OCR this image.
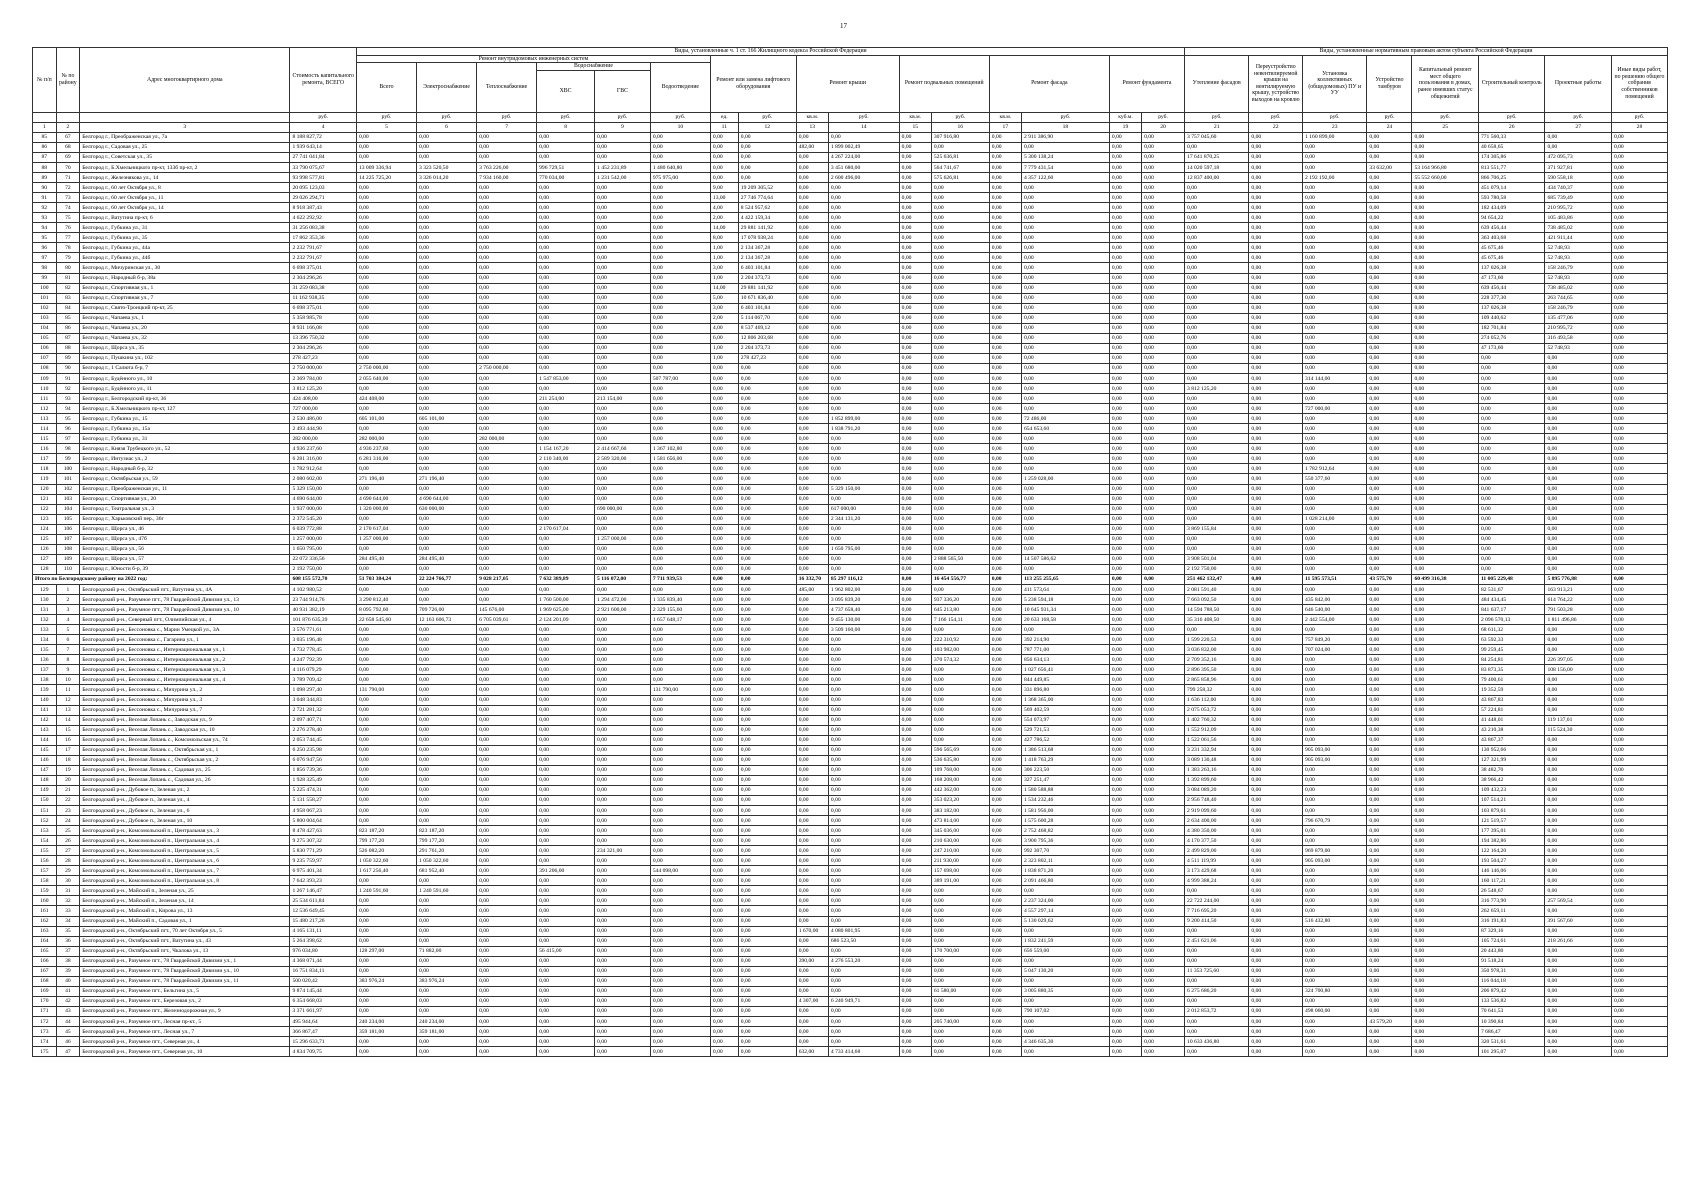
17
№ п/п	№ по району	Адрес многоквартирного дома	Стоимость капитального ремонта, ВСЕГО	Виды, установленные ч. 1 ст. 166 Жилищного кодекса Российской Федерации																Виды, установленные нормативным правовым актом субъекта Российской Федерации							
				Ремонт внутридомовых инженерных систем						Ремонт или замена лифтового оборудования		Ремонт крыши		Ремонт подвальных помещений		Ремонт фасада		Ремонт фундамента		Утепление фасадов	Переустройство невентилируемой крыши на вентилируемую крышу, устройство выходов на кровлю	Установка коллективных (общедомовых) ПУ и УУ	Устройство тамбуров	Капитальный ремонт мест общего пользования в домах, ранее имевших статус общежитий	Строительный контроль	Проектные работы	Иные виды работ, по решению общего собрания собственников помещений
				Всего	Электроснабжение	Теплоснабжение	Водоснабжение		Водоотведение																		
							ХВС	ГВС																			
			руб.	руб.	руб.	руб.	руб.	руб.	руб.	ед.	руб.	кв.м.	руб.	кв.м.	руб.	кв.м.	руб.	куб.м.	руб.	руб.	руб.	руб.	руб.	руб.	руб.	руб.	руб.
1	2	3	4	5	6	7	8	9	10	11	12	13	14	15	16	17	18	19	20	21	22	23	24	25	26	27	28
85	67	Белгород г., Преображенская ул., 7а	8 188 827,72	0,00	0,00	0,00	0,00	0,00	0,00	0,00	0,00	0,00	0,00	0,00	307 916,80	0,00	2 911 386,90	0,00	0,00	3 757 045,60	0,00	1 160 899,00	0,00	0,00	771 560,33	0,00	0,00
86	68	Белгород г., Садовая ул., 25	1 939 643,14	0,00	0,00	0,00	0,00	0,00	0,00	0,00	0,00	482,00	1 899 002,49	0,00	0,00	0,00	0,00	0,00	0,00	0,00	0,00	0,00	0,00	0,00	40 658,65	0,00	0,00
87	69	Белгород г., Советская ул., 35	27 741 041,84	0,00	0,00	0,00	0,00	0,00	0,00	0,00	0,00	0,00	4 267 224,00	0,00	525 636,81	0,00	5 300 138,24	0,00	0,00	17 641 870,25	0,00	0,00	0,00	0,00	174 305,86	472 095,73	0,00
88	70	Белгород г., Б.Хмельницкого пр-кт, 133б пр-кт, 2	33 790 075,67	13 009 336,94	3 323 520,50	3 763 226,00	996 729,51	1 452 231,89	1 480 640,80	0,00	0,00	0,00	3 451 680,00	0,00	564 741,67	0,00	7 779 431,54	0,00	0,00	14 020 597,18	0,00	0,00	33 632,00	53 164 966,80	813 551,77	371 927,81	0,00
89	71	Белгород г., Железнякова ул., 14	93 998 577,81	14 225 725,20	3 326 014,20	7 934 160,00	770 034,00	1 231 542,00	975 975,00	0,00	0,00	0,00	2 600 496,00	0,00	575 626,81	0,00	4 357 122,60	0,00	0,00	12 837 400,00	0,00	2 192 192,00	0,00	55 552 660,00	866 706,25	590 558,18	0,00
90	72	Белгород г., 60 лет Октября ул., 8	20 095 123,03	0,00	0,00	0,00	0,00	0,00	0,00	9,00	19 209 305,52	0,00	0,00	0,00	0,00	0,00	0,00	0,00	0,00	0,00	0,00	0,00	0,00	0,00	451 079,14	434 740,37	0,00
91	73	Белгород г., 60 лет Октября ул., 11	29 026 294,71	0,00	0,00	0,00	0,00	0,00	0,00	13,00	27 746 774,64	0,00	0,00	0,00	0,00	0,00	0,00	0,00	0,00	0,00	0,00	0,00	0,00	0,00	593 780,58	685 739,49	0,00
92	74	Белгород г., 60 лет Октября ул., 14	8 918 387,43	0,00	0,00	0,00	0,00	0,00	0,00	4,00	8 524 957,62	0,00	0,00	0,00	0,00	0,00	0,00	0,00	0,00	0,00	0,00	0,00	0,00	0,00	182 434,09	210 995,72	0,00
93	75	Белгород г., Ватутина пр-кт, 6	4 622 292,92	0,00	0,00	0,00	0,00	0,00	0,00	2,00	4 422 159,34	0,00	0,00	0,00	0,00	0,00	0,00	0,00	0,00	0,00	0,00	0,00	0,00	0,00	94 654,22	105 483,86	0,00
94	76	Белгород г., Губкина ул., 31	31 256 083,38	0,00	0,00	0,00	0,00	0,00	0,00	14,00	29 881 141,92	0,00	0,00	0,00	0,00	0,00	0,00	0,00	0,00	0,00	0,00	0,00	0,00	0,00	639 456,44	738 485,02	0,00
95	77	Белгород г., Губкина ул., 35	17 862 353,36	0,00	0,00	0,00	0,00	0,00	0,00	8,00	17 078 938,24	0,00	0,00	0,00	0,00	0,00	0,00	0,00	0,00	0,00	0,00	0,00	0,00	0,00	363 403,68	421 911,44	0,00
96	78	Белгород г., Губкина ул., 44а	2 232 791,67	0,00	0,00	0,00	0,00	0,00	0,00	1,00	2 134 367,28	0,00	0,00	0,00	0,00	0,00	0,00	0,00	0,00	0,00	0,00	0,00	0,00	0,00	45 675,46	52 748,93	0,00
97	79	Белгород г., Губкина ул., 44б	2 232 791,67	0,00	0,00	0,00	0,00	0,00	0,00	1,00	2 134 367,28	0,00	0,00	0,00	0,00	0,00	0,00	0,00	0,00	0,00	0,00	0,00	0,00	0,00	45 675,46	52 748,93	0,00
98	80	Белгород г., Мичуринская ул., 30	6 698 375,01	0,00	0,00	0,00	0,00	0,00	0,00	3,00	6 403 101,84	0,00	0,00	0,00	0,00	0,00	0,00	0,00	0,00	0,00	0,00	0,00	0,00	0,00	137 026,38	158 246,79	0,00
99	81	Белгород г., Народный б-р, 38а	2 304 296,26	0,00	0,00	0,00	0,00	0,00	0,00	1,00	2 204 373,73	0,00	0,00	0,00	0,00	0,00	0,00	0,00	0,00	0,00	0,00	0,00	0,00	0,00	47 173,60	52 748,93	0,00
100	82	Белгород г., Спортивная ул., 1	31 259 083,38	0,00	0,00	0,00	0,00	0,00	0,00	14,00	29 881 141,92	0,00	0,00	0,00	0,00	0,00	0,00	0,00	0,00	0,00	0,00	0,00	0,00	0,00	639 456,44	738 485,02	0,00
101	83	Белгород г., Спортивная ул., 7	11 162 938,35	0,00	0,00	0,00	0,00	0,00	0,00	5,00	10 671 836,40	0,00	0,00	0,00	0,00	0,00	0,00	0,00	0,00	0,00	0,00	0,00	0,00	0,00	228 377,30	263 744,65	0,00
102	84	Белгород г., Свято-Троицкий пр-кт, 25	6 698 375,01	0,00	0,00	0,00	0,00	0,00	0,00	3,00	6 403 101,84	0,00	0,00	0,00	0,00	0,00	0,00	0,00	0,00	0,00	0,00	0,00	0,00	0,00	137 026,38	158 246,79	0,00
103	85	Белгород г., Чапаева ул., 1	5 358 985,78	0,00	0,00	0,00	0,00	0,00	0,00	2,00	5 114 067,70	0,00	0,00	0,00	0,00	0,00	0,00	0,00	0,00	0,00	0,00	0,00	0,00	0,00	109 440,62	135 477,06	0,00
104	86	Белгород г., Чапаева ул., 20	8 931 166,08	0,00	0,00	0,00	0,00	0,00	0,00	4,00	8 537 469,12	0,00	0,00	0,00	0,00	0,00	0,00	0,00	0,00	0,00	0,00	0,00	0,00	0,00	182 701,84	210 995,72	0,00
105	87	Белгород г., Чапаева ул., 32	13 396 750,32	0,00	0,00	0,00	0,00	0,00	0,00	6,00	12 806 203,68	0,00	0,00	0,00	0,00	0,00	0,00	0,00	0,00	0,00	0,00	0,00	0,00	0,00	274 052,76	316 493,58	0,00
106	88	Белгород г., Щорса ул., 35	2 304 296,26	0,00	0,00	0,00	0,00	0,00	0,00	1,00	2 204 373,73	0,00	0,00	0,00	0,00	0,00	0,00	0,00	0,00	0,00	0,00	0,00	0,00	0,00	47 173,60	52 748,93	0,00
107	89	Белгород г., Пушкина ул., 102	278 427,23	0,00	0,00	0,00	0,00	0,00	0,00	1,00	278 427,23	0,00	0,00	0,00	0,00	0,00	0,00	0,00	0,00	0,00	0,00	0,00	0,00	0,00	0,00	0,00	0,00
108	90	Белгород г., 1 Салюта б-р, 7	2 750 000,00	2 750 000,00	0,00	2 750 000,00	0,00	0,00	0,00	0,00	0,00	0,00	0,00	0,00	0,00	0,00	0,00	0,00	0,00	0,00	0,00	0,00	0,00	0,00	0,00	0,00	0,00
109	91	Белгород г., Будённого ул., 10	2 369 784,00	2 055 640,00	0,00	0,00	1 547 853,00	0,00	507 787,00	0,00	0,00	0,00	0,00	0,00	0,00	0,00	0,00	0,00	0,00	0,00	0,00	314 144,00	0,00	0,00	0,00	0,00	0,00
110	92	Белгород г., Будённого ул., 11	3 812 125,20	0,00	0,00	0,00	0,00	0,00	0,00	0,00	0,00	0,00	0,00	0,00	0,00	0,00	0,00	0,00	0,00	3 812 125,20	0,00	0,00	0,00	0,00	0,00	0,00	0,00
111	93	Белгород г., Белгородский пр-кт, 36	424 408,00	424 408,00	0,00	0,00	211 254,00	213 154,00	0,00	0,00	0,00	0,00	0,00	0,00	0,00	0,00	0,00	0,00	0,00	0,00	0,00	0,00	0,00	0,00	0,00	0,00	0,00
112	94	Белгород г., Б.Хмельницкого пр-кт, 127	727 000,00	0,00	0,00	0,00	0,00	0,00	0,00	0,00	0,00	0,00	0,00	0,00	0,00	0,00	0,00	0,00	0,00	0,00	0,00	727 000,00	0,00	0,00	0,00	0,00	0,00
113	95	Белгород г., Губкина ул., 15	2 530 486,00	605 101,00	605 101,00	0,00	0,00	0,00	0,00	0,00	0,00	0,00	1 852 899,00	0,00	0,00	0,00	72 486,00	0,00	0,00	0,00	0,00	0,00	0,00	0,00	0,00	0,00	0,00
114	96	Белгород г., Губкина ул., 15а	2 493 444,90	0,00	0,00	0,00	0,00	0,00	0,00	0,00	0,00	0,00	1 838 791,20	0,00	0,00	0,00	654 653,60	0,00	0,00	0,00	0,00	0,00	0,00	0,00	0,00	0,00	0,00
115	97	Белгород г., Губкина ул., 31	282 000,00	282 000,00	0,00	282 000,00	0,00	0,00	0,00	0,00	0,00	0,00	0,00	0,00	0,00	0,00	0,00	0,00	0,00	0,00	0,00	0,00	0,00	0,00	0,00	0,00	0,00
116	98	Белгород г., Князя Трубецкого ул., 52	4 936 237,60	4 936 237,60	0,00	0,00	1 154 167,20	2 414 667,60	1 367 102,80	0,00	0,00	0,00	0,00	0,00	0,00	0,00	0,00	0,00	0,00	0,00	0,00	0,00	0,00	0,00	0,00	0,00	0,00
117	99	Белгород г., Интузиас ул., 2	6 281 316,00	6 281 316,00	0,00	0,00	2 110 340,00	2 589 320,00	1 581 656,00	0,00	0,00	0,00	0,00	0,00	0,00	0,00	0,00	0,00	0,00	0,00	0,00	0,00	0,00	0,00	0,00	0,00	0,00
118	100	Белгород г., Народный б-р, 32	1 782 912,64	0,00	0,00	0,00	0,00	0,00	0,00	0,00	0,00	0,00	0,00	0,00	0,00	0,00	0,00	0,00	0,00	0,00	0,00	1 782 912,64	0,00	0,00	0,00	0,00	0,00
119	101	Белгород г., Октябрьская ул., 59	2 080 602,00	271 196,40	271 196,40	0,00	0,00	0,00	0,00	0,00	0,00	0,00	0,00	0,00	0,00	0,00	1 259 028,00	0,00	0,00	0,00	0,00	550 377,60	0,00	0,00	0,00	0,00	0,00
120	102	Белгород г., Преображенская ул., 11	5 329 150,00	0,00	0,00	0,00	0,00	0,00	0,00	0,00	0,00	0,00	5 329 150,00	0,00	0,00	0,00	0,00	0,00	0,00	0,00	0,00	0,00	0,00	0,00	0,00	0,00	0,00
121	103	Белгород г., Спортивная ул., 20	4 690 644,00	4 690 644,00	4 690 644,00	0,00	0,00	0,00	0,00	0,00	0,00	0,00	0,00	0,00	0,00	0,00	0,00	0,00	0,00	0,00	0,00	0,00	0,00	0,00	0,00	0,00	0,00
122	104	Белгород г., Театральная ул., 3	1 937 000,00	1 320 000,00	630 000,00	0,00	0,00	690 000,00	0,00	0,00	0,00	0,00	617 000,00	0,00	0,00	0,00	0,00	0,00	0,00	0,00	0,00	0,00	0,00	0,00	0,00	0,00	0,00
123	105	Белгород г., Харьковский пер., 36г	2 372 545,20	0,00	0,00	0,00	0,00	0,00	0,00	0,00	0,00	0,00	2 344 131,20	0,00	0,00	0,00	0,00	0,00	0,00	0,00	0,00	1 028 214,00	0,00	0,00	0,00	0,00	0,00
124	106	Белгород г., Щорса ул., 46	6 039 772,88	2 170 617,04	0,00	0,00	2 170 617,04	0,00	0,00	0,00	0,00	0,00	0,00	0,00	0,00	0,00	0,00	0,00	0,00	3 869 155,84	0,00	0,00	0,00	0,00	0,00	0,00	0,00
125	107	Белгород г., Щорса ул., 47б	1 257 000,00	1 257 000,00	0,00	0,00	0,00	1 257 000,00	0,00	0,00	0,00	0,00	0,00	0,00	0,00	0,00	0,00	0,00	0,00	0,00	0,00	0,00	0,00	0,00	0,00	0,00	0,00
126	108	Белгород г., Щорса ул., 56	1 650 795,00	0,00	0,00	0,00	0,00	0,00	0,00	0,00	0,00	0,00	1 650 795,00	0,00	0,00	0,00	0,00	0,00	0,00	0,00	0,00	0,00	0,00	0,00	0,00	0,00	0,00
127	109	Белгород г., Щорса ул., 57	22 072 336,56	284 495,40	284 495,40	0,00	0,00	0,00	0,00	0,00	0,00	0,00	0,00	0,00	2 888 565,50	0,00	14 507 586,62	0,00	0,00	3 908 501,04	0,00	0,00	0,00	0,00	0,00	0,00	0,00
128	110	Белгород г., Юности б-р, 39	2 192 750,00	0,00	0,00	0,00	0,00	0,00	0,00	0,00	0,00	0,00	0,00	0,00	0,00	0,00	0,00	0,00	0,00	2 192 750,00	0,00	0,00	0,00	0,00	0,00	0,00	0,00
Итого по Белгородскому району на 2022 год:			608 155 572,70	51 703 384,24	22 224 766,77	9 028 217,05	7 632 389,89	5 116 072,00	7 711 939,53	0,00	0,00	16 332,70	85 297 116,12	0,00	16 454 556,77	0,00	113 255 255,65	0,00	0,00	251 462 132,47	0,00	11 595 573,51	43 575,70	60 499 316,38	11 005 229,48	5 895 776,88	0,00
129	1	Белгородский р-н., Октябрьский пгт., Ватутина ул., 4А	4 102 980,52	0,00	0,00	0,00	0,00	0,00	0,00	0,00	0,00	485,00	1 962 802,00	0,00	0,00	0,00	411 573,64	0,00	0,00	2 081 591,40	0,00	0,00	0,00	0,00	82 531,67	163 913,21	0,00
130	2	Белгородский р-н., Разумное пгт., 78 Гвардейской Дивизии ул., 13	23 744 914,76	3 290 812,40	0,00	0,00	1 760 500,00	1 294 472,00	1 335 839,40	0,00	0,00	0,00	3 095 839,20	0,00	937 336,20	0,00	5 238 594,18	0,00	0,00	7 663 092,50	0,00	435 842,00	0,00	0,00	484 434,45	614 764,22	0,00
131	3	Белгородский р-н., Разумное пгт., 78 Гвардейской Дивизии ул., 10	40 931 382,19	8 095 792,60	709 726,00	145 676,00	1 969 625,00	2 921 600,00	2 329 155,60	0,00	0,00	0,00	4 737 658,40	0,00	645 213,80	0,00	10 645 931,34	0,00	0,00	14 594 788,50	0,00	646 540,00	0,00	0,00	841 637,17	791 503,28	0,00
132	4	Белгородский р-н., Северный пгт., Олимпийская ул., 4	101 876 635,39	22 658 545,60	12 163 606,73	6 705 039,61	2 124 201,09	0,00	1 657 648,17	0,00	0,00	0,00	9 455 130,00	0,00	7 166 154,11	0,00	20 633 168,58	0,00	0,00	35 316 408,50	0,00	2 442 554,00	0,00	0,00	2 096 570,13	1 811 496,86	0,00
133	5	Белгородский р-н., Бессоновка с., Марии Умецкой ул., 3А	3 576 771,61	0,00	0,00	0,00	0,00	0,00	0,00	0,00	0,00	0,00	3 509 160,00	0,00	0,00	0,00	0,00	0,00	0,00	0,00	0,00	0,00	0,00	0,00	68 611,32	0,00	0,00
134	6	Белгородский р-н., Бессоновка с., Гагарина ул., 1	3 035 196,48	0,00	0,00	0,00	0,00	0,00	0,00	0,00	0,00	0,00	0,00	0,00	222 310,92	0,00	392 214,90	0,00	0,00	1 599 220,53	0,00	757 849,20	0,00	0,00	63 592,33	0,00	0,00
135	7	Белгородский р-н., Бессоновка с., Интернациональная ул., 1	4 732 778,45	0,00	0,00	0,00	0,00	0,00	0,00	0,00	0,00	0,00	0,00	0,00	103 982,00	0,00	787 771,00	0,00	0,00	3 036 832,00	0,00	707 024,00	0,00	0,00	99 259,45	0,00	0,00
136	8	Белгородский р-н., Бессоновка с., Интернациональная ул., 2	4 247 792,39	0,00	0,00	0,00	0,00	0,00	0,00	0,00	0,00	0,00	0,00	0,00	370 574,32	0,00	856 634,13	0,00	0,00	2 709 352,16	0,00	0,00	0,00	0,00	84 254,81	226 397,05	0,00
137	9	Белгородский р-н., Бессоновка с., Интернациональная ул., 3	4 116 079,29	0,00	0,00	0,00	0,00	0,00	0,00	0,00	0,00	0,00	0,00	0,00	0,00	0,00	1 027 656,41	0,00	0,00	2 896 395,50	0,00	0,00	0,00	0,00	83 873,35	108 156,00	0,00
138	10	Белгородский р-н., Бессоновка с., Интернациональная ул., 4	3 789 709,42	0,00	0,00	0,00	0,00	0,00	0,00	0,00	0,00	0,00	0,00	0,00	0,00	0,00	844 449,85	0,00	0,00	2 865 858,96	0,00	0,00	0,00	0,00	79 400,61	0,00	0,00
139	11	Белгородский р-н., Бессоновка с., Мичурина ул., 2	1 098 297,40	131 790,00	0,00	0,00	0,00	0,00	131 790,00	0,00	0,00	0,00	0,00	0,00	0,00	0,00	331 896,80	0,00	0,00	799 258,32	0,00	0,00	0,00	0,00	19 352,59	0,00	0,00
140	12	Белгородский р-н., Бессоновка с., Мичурина ул., 3	3 048 344,83	0,00	0,00	0,00	0,00	0,00	0,00	0,00	0,00	0,00	0,00	0,00	0,00	0,00	1 368 365,00	0,00	0,00	1 636 112,00	0,00	0,00	0,00	0,00	43 867,83	0,00	0,00
141	13	Белгородский р-н., Бессоновка с., Мичурина ул., 7	2 721 281,32	0,00	0,00	0,00	0,00	0,00	0,00	0,00	0,00	0,00	0,00	0,00	0,00	0,00	569 402,59	0,00	0,00	2 075 053,72	0,00	0,00	0,00	0,00	57 224,81	0,00	0,00
142	14	Белгородский р-н., Веселая Лопань с., Заводская ул., 9	2 097 407,71	0,00	0,00	0,00	0,00	0,00	0,00	0,00	0,00	0,00	0,00	0,00	0,00	0,00	554 073,97	0,00	0,00	1 402 760,32	0,00	0,00	0,00	0,00	41 448,01	119 137,01	0,00
143	15	Белгородский р-н., Веселая Лопань с., Заводская ул., 10	2 276 278,40	0,00	0,00	0,00	0,00	0,00	0,00	0,00	0,00	0,00	0,00	0,00	0,00	0,00	529 721,53	0,00	0,00	1 552 912,09	0,00	0,00	0,00	0,00	43 210,38	115 524,30	0,00
144	16	Белгородский р-н., Веселая Лопань с., Комсомольская ул., 74	2 053 744,45	0,00	0,00	0,00	0,00	0,00	0,00	0,00	0,00	0,00	0,00	0,00	0,00	0,00	427 786,52	0,00	0,00	1 522 061,56	0,00	0,00	0,00	0,00	43 867,37	0,00	0,00
145	17	Белгородский р-н., Веселая Лопань с., Октябрьская ул., 1	6 250 235,98	0,00	0,00	0,00	0,00	0,00	0,00	0,00	0,00	0,00	0,00	0,00	596 565,69	0,00	1 386 513,68	0,00	0,00	3 231 332,94	0,00	905 093,00	0,00	0,00	130 952,66	0,00	0,00
146	18	Белгородский р-н., Веселая Лопань с., Октябрьская ул., 2	6 076 947,56	0,00	0,00	0,00	0,00	0,00	0,00	0,00	0,00	0,00	0,00	0,00	536 635,80	0,00	1 418 763,29	0,00	0,00	3 089 130,48	0,00	905 093,00	0,00	0,00	127 321,99	0,00	0,00
147	19	Белгородский р-н., Веселая Лопань с., Садовая ул., 25	1 856 739,36	0,00	0,00	0,00	0,00	0,00	0,00	0,00	0,00	0,00	0,00	0,00	109 768,00	0,00	306 223,50	0,00	0,00	1 383 263,16	0,00	0,00	0,00	0,00	38 482,70	0,00	0,00
148	20	Белгородский р-н., Веселая Лопань с., Садовая ул., 26	1 928 325,49	0,00	0,00	0,00	0,00	0,00	0,00	0,00	0,00	0,00	0,00	0,00	168 208,00	0,00	327 251,47	0,00	0,00	1 392 899,60	0,00	0,00	0,00	0,00	38 966,42	0,00	0,00
149	21	Белгородский р-н., Дубовое п., Зеленая ул., 2	5 225 474,31	0,00	0,00	0,00	0,00	0,00	0,00	0,00	0,00	0,00	0,00	0,00	442 362,00	0,00	1 580 588,88	0,00	0,00	3 084 089,20	0,00	0,00	0,00	0,00	109 432,23	0,00	0,00
150	22	Белгородский р-н., Дубовое п., Зеленая ул., 4	5 131 558,27	0,00	0,00	0,00	0,00	0,00	0,00	0,00	0,00	0,00	0,00	0,00	353 023,20	0,00	1 534 232,46	0,00	0,00	2 956 748,40	0,00	0,00	0,00	0,00	107 514,21	0,00	0,00
151	23	Белгородский р-н., Дубовое п., Зеленая ул., 6	4 958 067,23	0,00	0,00	0,00	0,00	0,00	0,00	0,00	0,00	0,00	0,00	0,00	383 182,00	0,00	1 581 956,00	0,00	0,00	2 919 099,60	0,00	0,00	0,00	0,00	103 879,61	0,00	0,00
152	24	Белгородский р-н., Дубовое п., Зеленая ул., 10	5 800 004,64	0,00	0,00	0,00	0,00	0,00	0,00	0,00	0,00	0,00	0,00	0,00	473 814,00	0,00	1 575 600,28	0,00	0,00	2 634 400,00	0,00	796 670,79	0,00	0,00	121 519,57	0,00	0,00
153	25	Белгородский р-н., Комсомольский п., Центральная ул., 3	8 478 427,63	823 187,20	823 187,20	0,00	0,00	0,00	0,00	0,00	0,00	0,00	0,00	0,00	345 036,00	0,00	2 752 468,82	0,00	0,00	4 380 350,00	0,00	0,00	0,00	0,00	177 395,01	0,00	0,00
154	26	Белгородский р-н., Комсомольский п., Центральная ул., 4	9 275 307,32	799 177,20	799 177,20	0,00	0,00	0,00	0,00	0,00	0,00	0,00	0,00	0,00	210 630,00	0,00	3 900 795,36	0,00	0,00	4 170 377,50	0,00	0,00	0,00	0,00	194 382,86	0,00	0,00
155	27	Белгородский р-н., Комсомольский п., Центральная ул., 5	5 830 771,29	526 082,20	291 761,20	0,00	0,00	234 321,00	0,00	0,00	0,00	0,00	0,00	0,00	247 210,00	0,00	992 307,70	0,00	0,00	2 499 829,00	0,00	969 879,00	0,00	0,00	122 164,20	0,00	0,00
156	28	Белгородский р-н., Комсомольский п., Центральная ул., 6	9 235 759,97	1 050 322,60	1 050 322,60	0,00	0,00	0,00	0,00	0,00	0,00	0,00	0,00	0,00	211 930,00	0,00	2 323 802,11	0,00	0,00	4 511 119,99	0,00	905 093,00	0,00	0,00	193 504,27	0,00	0,00
157	29	Белгородский р-н., Комсомольский п., Центральная ул., 7	6 975 401,34	1 617 256,40	681 952,40	0,00	391 206,00	0,00	544 098,00	0,00	0,00	0,00	0,00	0,00	157 698,00	0,00	1 838 871,20	0,00	0,00	3 173 429,68	0,00	0,00	0,00	0,00	146 146,06	0,00	0,00
158	30	Белгородский р-н., Комсомольский п., Центральная ул., 8	7 642 393,23	0,00	0,00	0,00	0,00	0,00	0,00	0,00	0,00	0,00	0,00	0,00	389 191,00	0,00	2 091 466,80	0,00	0,00	4 999 388,24	0,00	0,00	0,00	0,00	160 117,21	0,00	0,00
159	31	Белгородский р-н., Майский п., Зеленая ул., 25	1 267 146,47	1 240 591,60	1 240 591,60	0,00	0,00	0,00	0,00	0,00	0,00	0,00	0,00	0,00	0,00	0,00	0,00	0,00	0,00	0,00	0,00	0,00	0,00	0,00	26 548,67	0,00	0,00
160	32	Белгородский р-н., Майский п., Зеленая ул., 14	25 534 611,84	0,00	0,00	0,00	0,00	0,00	0,00	0,00	0,00	0,00	0,00	0,00	0,00	0,00	2 237 324,00	0,00	0,00	22 722 244,00	0,00	0,00	0,00	0,00	316 773,90	257 569,54	0,00
161	33	Белгородский р-н., Майский п., Кирова ул., 13	12 536 649,45	0,00	0,00	0,00	0,00	0,00	0,00	0,00	0,00	0,00	0,00	0,00	0,00	0,00	4 557 297,14	0,00	0,00	7 716 695,20	0,00	0,00	0,00	0,00	262 659,11	0,00	0,00
162	34	Белгородский р-н., Майский п., Садовая ул., 1	15 480 217,26	0,00	0,00	0,00	0,00	0,00	0,00	0,00	0,00	0,00	0,00	0,00	0,00	0,00	5 130 029,62	0,00	0,00	9 200 414,50	0,00	516 432,80	0,00	0,00	316 191,83	391 567,60	0,00
163	35	Белгородский р-н., Октябрьский пгт., 70 лет Октября ул., 5	4 165 131,11	0,00	0,00	0,00	0,00	0,00	0,00	0,00	0,00	1 670,00	4 080 801,95	0,00	0,00	0,00	0,00	0,00	0,00	0,00	0,00	0,00	0,00	0,00	87 329,16	0,00	0,00
164	36	Белгородский р-н., Октябрьский пгт., Ватутина ул., 43	5 264 398,62	0,00	0,00	0,00	0,00	0,00	0,00	0,00	0,00	0,00	686 523,50	0,00	0,00	0,00	1 832 241,59	0,00	0,00	2 451 621,06	0,00	0,00	0,00	0,00	105 724,61	218 261,66	0,00
165	37	Белгородский р-н., Октябрьский пгт., Чкалова ул., 13	976 034,80	128 297,00	71 882,00	0,00	56 415,00	0,00	0,00	0,00	0,00	0,00	0,00	0,00	170 700,00	0,00	656 559,00	0,00	0,00	0,00	0,00	0,00	0,00	0,00	20 443,80	0,00	0,00
166	38	Белгородский р-н., Разумное пгт., 78 Гвардейской Дивизии ул., 1	4 368 071,44	0,00	0,00	0,00	0,00	0,00	0,00	0,00	0,00	390,00	4 276 553,20	0,00	0,00	0,00	0,00	0,00	0,00	0,00	0,00	0,00	0,00	0,00	91 518,24	0,00	0,00
167	39	Белгородский р-н., Разумное пгт., 78 Гвардейской Дивизии ул., 10	16 751 834,11	0,00	0,00	0,00	0,00	0,00	0,00	0,00	0,00	0,00	0,00	0,00	0,00	0,00	5 047 130,20	0,00	0,00	11 353 725,60	0,00	0,00	0,00	0,00	350 978,31	0,00	0,00
168	40	Белгородский р-н., Разумное пгт., 78 Гвардейской Дивизии ул., 11	500 020,42	383 976,24	383 976,24	0,00	0,00	0,00	0,00	0,00	0,00	0,00	0,00	0,00	0,00	0,00	0,00	0,00	0,00	0,00	0,00	0,00	0,00	0,00	116 044,18	0,00	0,00
169	41	Белгородский р-н., Разумное пгт., Бельгина ул., 5	9 874 145,44	0,00	0,00	0,00	0,00	0,00	0,00	0,00	0,00	0,00	0,00	0,00	61 580,00	0,00	3 005 880,35	0,00	0,00	6 275 686,20	0,00	324 700,80	0,00	0,00	206 879,42	0,00	0,00
170	42	Белгородский р-н., Разумное пгт., Березовая ул., 2	6 354 668,03	0,00	0,00	0,00	0,00	0,00	0,00	0,00	0,00	4 307,00	6 240 949,71	0,00	0,00	0,00	0,00	0,00	0,00	0,00	0,00	0,00	0,00	0,00	133 536,82	0,00	0,00
171	43	Белгородский р-н., Разумное пгт., Железнодорожная ул., 9	3 371 661,97	0,00	0,00	0,00	0,00	0,00	0,00	0,00	0,00	0,00	0,00	0,00	0,00	0,00	790 107,02	0,00	0,00	2 012 853,72	0,00	498 060,00	0,00	0,00	70 641,53	0,00	0,00
172	44	Белгородский р-н., Разумное пгт., Лесная пр-кт., 5	495 944,64	240 234,00	240 234,00	0,00	0,00	0,00	0,00	0,00	0,00	0,00	0,00	0,00	205 740,00	0,00	0,00	0,00	0,00	0,00	0,00	0,00	43 579,20	0,00	10 390,84	0,00	0,00
173	45	Белгородский р-н., Разумное пгт., Лесная ул., 7	366 867,47	359 181,00	359 181,00	0,00	0,00	0,00	0,00	0,00	0,00	0,00	0,00	0,00	0,00	0,00	0,00	0,00	0,00	0,00	0,00	0,00	0,00	0,00	7 686,47	0,00	0,00
174	46	Белгородский р-н., Разумное пгт., Северная ул., 4	15 296 633,71	0,00	0,00	0,00	0,00	0,00	0,00	0,00	0,00	0,00	0,00	0,00	0,00	0,00	4 346 635,30	0,00	0,00	10 633 436,80	0,00	0,00	0,00	0,00	320 531,61	0,00	0,00
175	47	Белгородский р-н., Разумное пгт., Северная ул., 10	4 834 709,75	0,00	0,00	0,00	0,00	0,00	0,00	0,00	0,00	632,00	4 733 414,68	0,00	0,00	0,00	0,00	0,00	0,00	0,00	0,00	0,00	0,00	0,00	101 295,07	0,00	0,00
